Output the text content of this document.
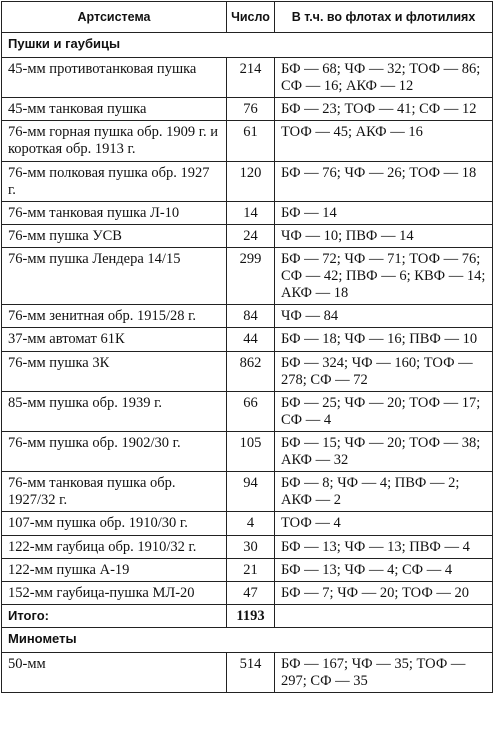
Артсистема	Число	В т.ч. во флотах и флотилиях
Пушки и гаубицы		
45-мм противотанковая пушка	214	БФ — 68; ЧФ — 32; ТОФ — 86; СФ — 16; АКФ — 12
45-мм танковая пушка	76	БФ — 23; ТОФ — 41; СФ — 12
76-мм горная пушка обр. 1909 г. и короткая обр. 1913 г.	61	ТОФ — 45; АКФ — 16
76-мм полковая пушка обр. 1927 г.	120	БФ — 76; ЧФ — 26; ТОФ — 18
76-мм танковая пушка Л-10	14	БФ — 14
76-мм пушка УСВ	24	ЧФ — 10; ПВФ — 14
76-мм пушка Лендера 14/15	299	БФ — 72; ЧФ — 71; ТОФ — 76; СФ — 42; ПВФ — 6; КВФ — 14; АКФ — 18
76-мм зенитная обр. 1915/28 г.	84	ЧФ — 84
37-мм автомат 61К	44	БФ — 18; ЧФ — 16; ПВФ — 10
76-мм пушка 3К	862	БФ — 324; ЧФ — 160; ТОФ — 278; СФ — 72
85-мм пушка обр. 1939 г.	66	БФ — 25; ЧФ — 20; ТОФ — 17; СФ — 4
76-мм пушка обр. 1902/30 г.	105	БФ — 15; ЧФ — 20; ТОФ — 38; АКФ — 32
76-мм танковая пушка обр. 1927/32 г.	94	БФ — 8; ЧФ — 4; ПВФ — 2; АКФ — 2
107-мм пушка обр. 1910/30 г.	4	ТОФ — 4
122-мм гаубица обр. 1910/32 г.	30	БФ — 13; ЧФ — 13; ПВФ — 4
122-мм пушка А-19	21	БФ — 13; ЧФ — 4; СФ — 4
152-мм гаубица-пушка МЛ-20	47	БФ — 7; ЧФ — 20; ТОФ — 20
Итого:	1193	
Минометы		
50-мм	514	БФ — 167; ЧФ — 35; ТОФ — 297; СФ — 35
